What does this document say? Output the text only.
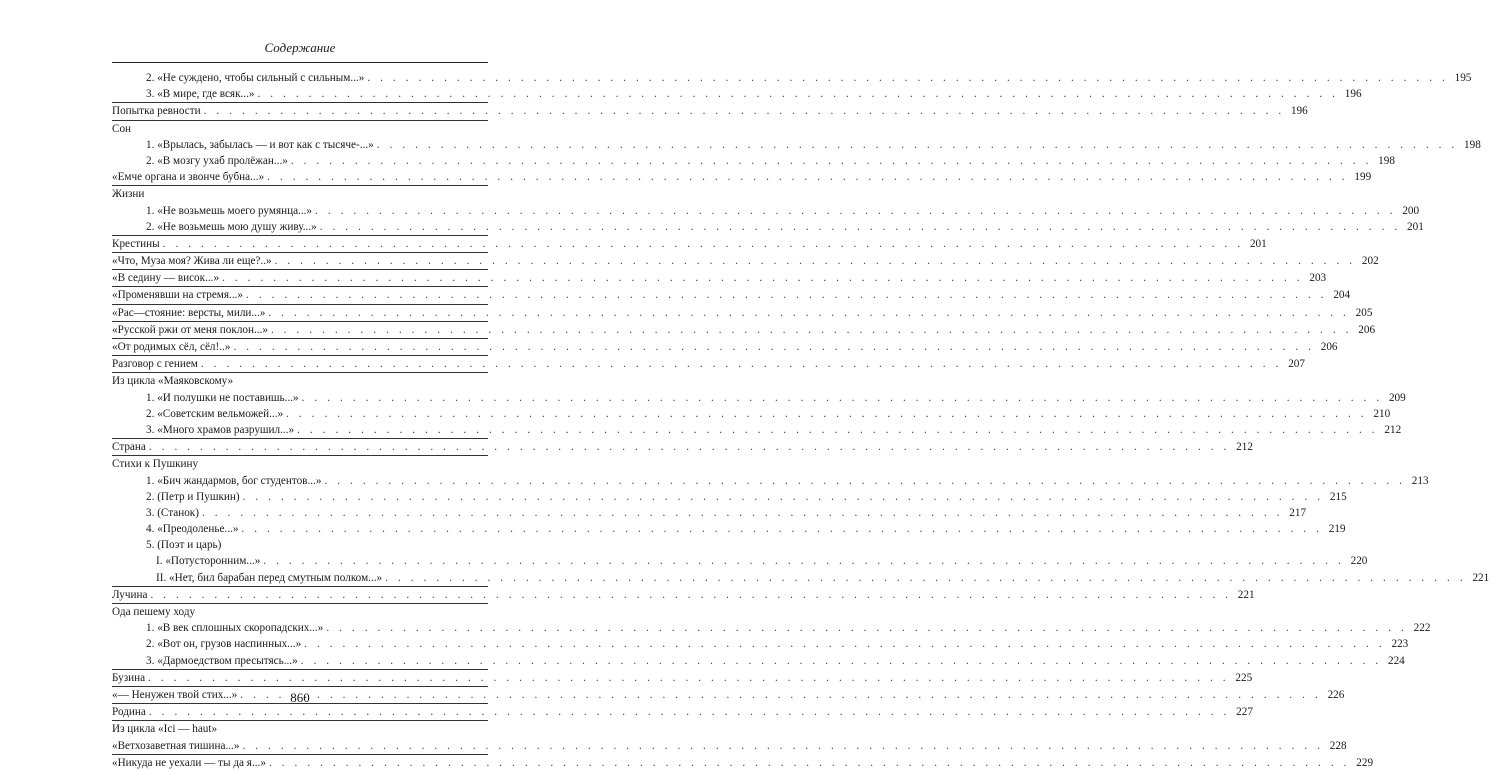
Содержание
2. «Не суждено, чтобы сильный с сильным...» . . .	195
3. «В мире, где всяк...» . . .	196
Попытка ревности . . .	196
Сон
1. «Врылась, забылась — и вот как с тысяче-...» . . .	198
2. «В мозгу ухаб пролёжан...» . . .	198
«Емче органа и звонче бубна...» . . .	199
Жизни
1. «Не возьмешь моего румянца...» . . .	200
2. «Не возьмешь мою душу живу...» . . .	201
Крестины . . .	201
«Что, Муза моя? Жива ли еще?..» . . .	202
«В седину — висок...» . . .	203
«Променявши на стремя...» . . .	204
«Рас—стояние: версты, мили...» . . .	205
«Русской ржи от меня поклон...» . . .	206
«От родимых сёл, сёл!..» . . .	206
Разговор с гением . . .	207
Из цикла «Маяковскому»
1. «И полушки не поставишь...» . . .	209
2. «Советским вельможей...» . . .	210
3. «Много храмов разрушил...» . . .	212
Страна . . .	212
Стихи к Пушкину
1. «Бич жандармов, бог студентов...» . . .	213
2. (Петр и Пушкин) . . .	215
3. (Станок) . . .	217
4. «Преодоленье...» . . .	219
5. (Поэт и царь)
I. «Потусторонним...» . . .	220
II. «Нет, бил барабан перед смутным полком...» . . .	221
Лучина . . .	221
Ода пешему ходу
1. «В век сплошных скоропадских...» . . .	222
2. «Вот он, грузов наспинных...» . . .	223
3. «Дармоедством пресытясь...» . . .	224
Бузина . . .	225
«— Ненужен твой стих...» . . .	226
Родина . . .	227
Из цикла «Ici — haut»
«Ветхозаветная тишина...» . . .	228
«Никуда не уехали — ты да я...» . . .	229
860
